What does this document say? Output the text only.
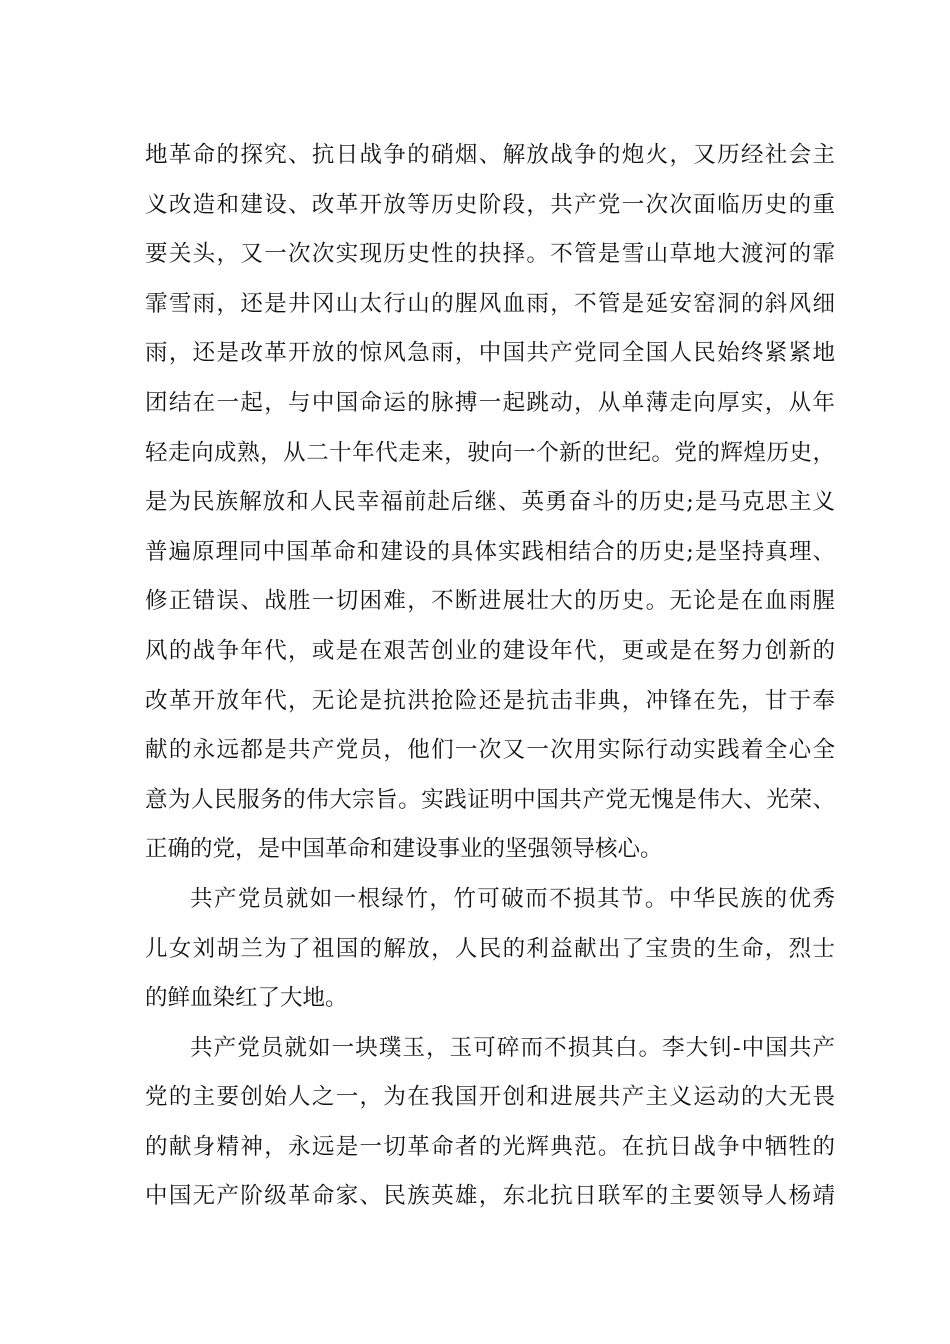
地革命的探究、抗日战争的硝烟、解放战争的炮火，又历经社会主
义改造和建设、改革开放等历史阶段，共产党一次次面临历史的重
要关头，又一次次实现历史性的抉择。不管是雪山草地大渡河的霏
霏雪雨，还是井冈山太行山的腥风血雨，不管是延安窑洞的斜风细
雨，还是改革开放的惊风急雨，中国共产党同全国人民始终紧紧地
团结在一起，与中国命运的脉搏一起跳动，从单薄走向厚实，从年
轻走向成熟，从二十年代走来，驶向一个新的世纪。党的辉煌历史，
是为民族解放和人民幸福前赴后继、英勇奋斗的历史;是马克思主义
普遍原理同中国革命和建设的具体实践相结合的历史;是坚持真理、
修正错误、战胜一切困难，不断进展壮大的历史。无论是在血雨腥
风的战争年代，或是在艰苦创业的建设年代，更或是在努力创新的
改革开放年代，无论是抗洪抢险还是抗击非典，冲锋在先，甘于奉
献的永远都是共产党员，他们一次又一次用实际行动实践着全心全
意为人民服务的伟大宗旨。实践证明中国共产党无愧是伟大、光荣、
正确的党，是中国革命和建设事业的坚强领导核心。
共产党员就如一根绿竹，竹可破而不损其节。中华民族的优秀
儿女刘胡兰为了祖国的解放，人民的利益献出了宝贵的生命，烈士
的鲜血染红了大地。
共产党员就如一块璞玉，玉可碎而不损其白。李大钊-中国共产
党的主要创始人之一，为在我国开创和进展共产主义运动的大无畏
的献身精神，永远是一切革命者的光辉典范。在抗日战争中牺牲的
中国无产阶级革命家、民族英雄，东北抗日联军的主要领导人杨靖
